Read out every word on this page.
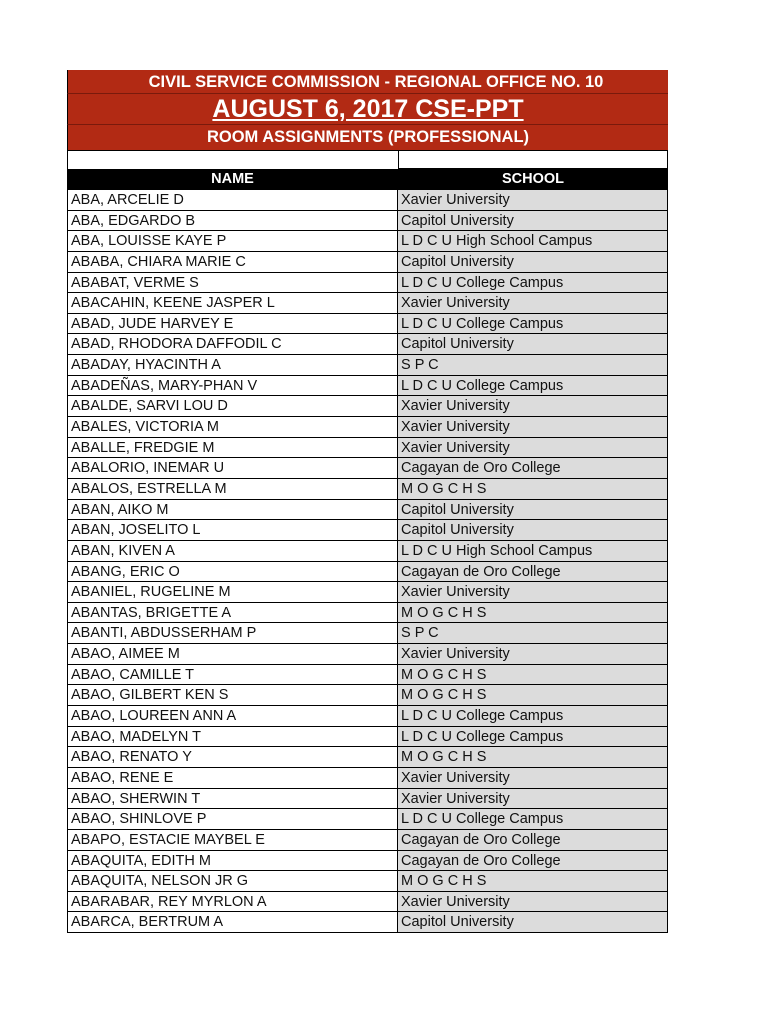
CIVIL SERVICE COMMISSION - REGIONAL OFFICE NO. 10
AUGUST 6, 2017 CSE-PPT
ROOM ASSIGNMENTS (PROFESSIONAL)
NAME	SCHOOL
ABA, ARCELIE D	Xavier University
ABA, EDGARDO B	Capitol University
ABA, LOUISSE KAYE P	L D C U High School Campus
ABABA, CHIARA MARIE C	Capitol University
ABABAT, VERME S	L D C U College Campus
ABACAHIN, KEENE JASPER L	Xavier University
ABAD, JUDE HARVEY E	L D C U College Campus
ABAD, RHODORA DAFFODIL C	Capitol University
ABADAY, HYACINTH A	S P C
ABADEÑAS, MARY-PHAN V	L D C U College Campus
ABALDE, SARVI LOU D	Xavier University
ABALES, VICTORIA M	Xavier University
ABALLE, FREDGIE M	Xavier University
ABALORIO, INEMAR U	Cagayan de Oro College
ABALOS, ESTRELLA M	M O G C H S
ABAN, AIKO M	Capitol University
ABAN, JOSELITO L	Capitol University
ABAN, KIVEN A	L D C U High School Campus
ABANG, ERIC O	Cagayan de Oro College
ABANIEL, RUGELINE M	Xavier University
ABANTAS, BRIGETTE A	M O G C H S
ABANTI, ABDUSSERHAM P	S P C
ABAO, AIMEE M	Xavier University
ABAO, CAMILLE T	M O G C H S
ABAO, GILBERT KEN S	M O G C H S
ABAO, LOUREEN ANN A	L D C U College Campus
ABAO, MADELYN T	L D C U College Campus
ABAO, RENATO Y	M O G C H S
ABAO, RENE E	Xavier University
ABAO, SHERWIN T	Xavier University
ABAO, SHINLOVE P	L D C U College Campus
ABAPO, ESTACIE MAYBEL E	Cagayan de Oro College
ABAQUITA, EDITH M	Cagayan de Oro College
ABAQUITA, NELSON JR G	M O G C H S
ABARABAR, REY MYRLON A	Xavier University
ABARCA, BERTRUM A	Capitol University
